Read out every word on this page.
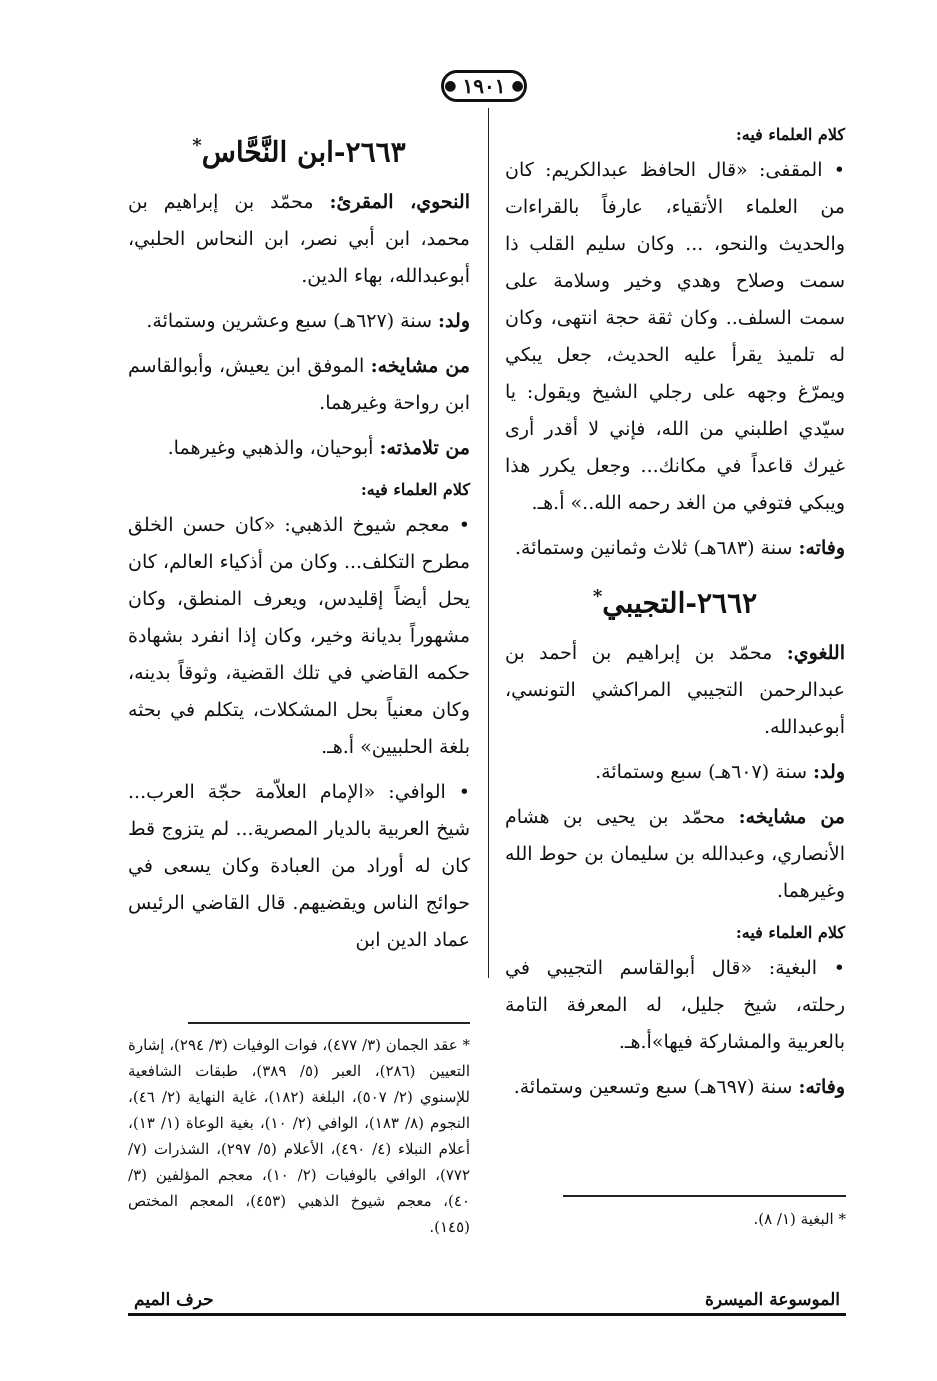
●
١٩٠١
●
كلام العلماء فيه:

• المقفى: «قال الحافظ عبدالكريم: كان من العلماء الأتقياء، عارفاً بالقراءات والحديث والنحو، ... وكان سليم القلب ذا سمت وصلاح وهدي وخير وسلامة على سمت السلف.. وكان ثقة حجة انتهى، وكان له تلميذ يقرأ عليه الحديث، جعل يبكي ويمرّغ وجهه على رجلي الشيخ ويقول: يا سيّدي اطلبني من الله، فإني لا أقدر أرى غيرك قاعداً في مكانك... وجعل يكرر هذا ويبكي فتوفي من الغد رحمه الله..» أ.هـ.

وفاته: سنة (٦٨٣هـ) ثلاث وثمانين وستمائة.

٢٦٦٢-التجيبي*

اللغوي: محمّد بن إبراهيم بن أحمد بن عبدالرحمن التجيبي المراكشي التونسي، أبوعبدالله.

ولد: سنة (٦٠٧هـ) سبع وستمائة.

من مشايخه: محمّد بن يحيى بن هشام الأنصاري، وعبدالله بن سليمان بن حوط الله وغيرهما.

كلام العلماء فيه:

• البغية: «قال أبوالقاسم التجيبي في رحلته، شيخ جليل، له المعرفة التامة بالعربية والمشاركة فيها»أ.هـ.

وفاته: سنة (٦٩٧هـ) سبع وتسعين وستمائة.

* البغية (١/ ٨).
٢٦٦٣-ابن النَّحَّاس*

النحوي، المقرئ: محمّد بن إبراهيم بن محمد، ابن أبي نصر، ابن النحاس الحلبي، أبوعبدالله، بهاء الدين.

ولد: سنة (٦٢٧هـ) سبع وعشرين وستمائة.

من مشايخه: الموفق ابن يعيش، وأبوالقاسم ابن رواحة وغيرهما.

من تلامذته: أبوحيان، والذهبي وغيرهما.

كلام العلماء فيه:

• معجم شيوخ الذهبي: «كان حسن الخلق مطرح التكلف... وكان من أذكياء العالم، كان يحل أيضاً إقليدس، ويعرف المنطق، وكان مشهوراً بديانة وخير، وكان إذا انفرد بشهادة حكمه القاضي في تلك القضية، وثوقاً بدينه، وكان معنياً بحل المشكلات، يتكلم في بحثه بلغة الحلبيين» أ.هـ.

• الوافي: «الإمام العلاّمة حجّة العرب... شيخ العربية بالديار المصرية... لم يتزوج قط كان له أوراد من العبادة وكان يسعى في حوائج الناس ويقضيهم. قال القاضي الرئيس عماد الدين ابن

* عقد الجمان (٣/ ٤٧٧)، فوات الوفيات (٣/ ٢٩٤)، إشارة التعيين (٢٨٦)، العبر (٥/ ٣٨٩)، طبقات الشافعية للإسنوي (٢/ ٥٠٧)، البلغة (١٨٢)، غاية النهاية (٢/ ٤٦)، النجوم (٨/ ١٨٣)، الوافي (٢/ ١٠)، بغية الوعاة (١/ ١٣)، أعلام النبلاء (٤/ ٤٩٠)، الأعلام (٥/ ٢٩٧)، الشذرات (٧/ ٧٧٢)، الوافي بالوفيات (٢/ ١٠)، معجم المؤلفين (٣/ ٤٠)، معجم شيوخ الذهبي (٤٥٣)، المعجم المختص (١٤٥).
الموسوعة الميسرة
حرف الميم
